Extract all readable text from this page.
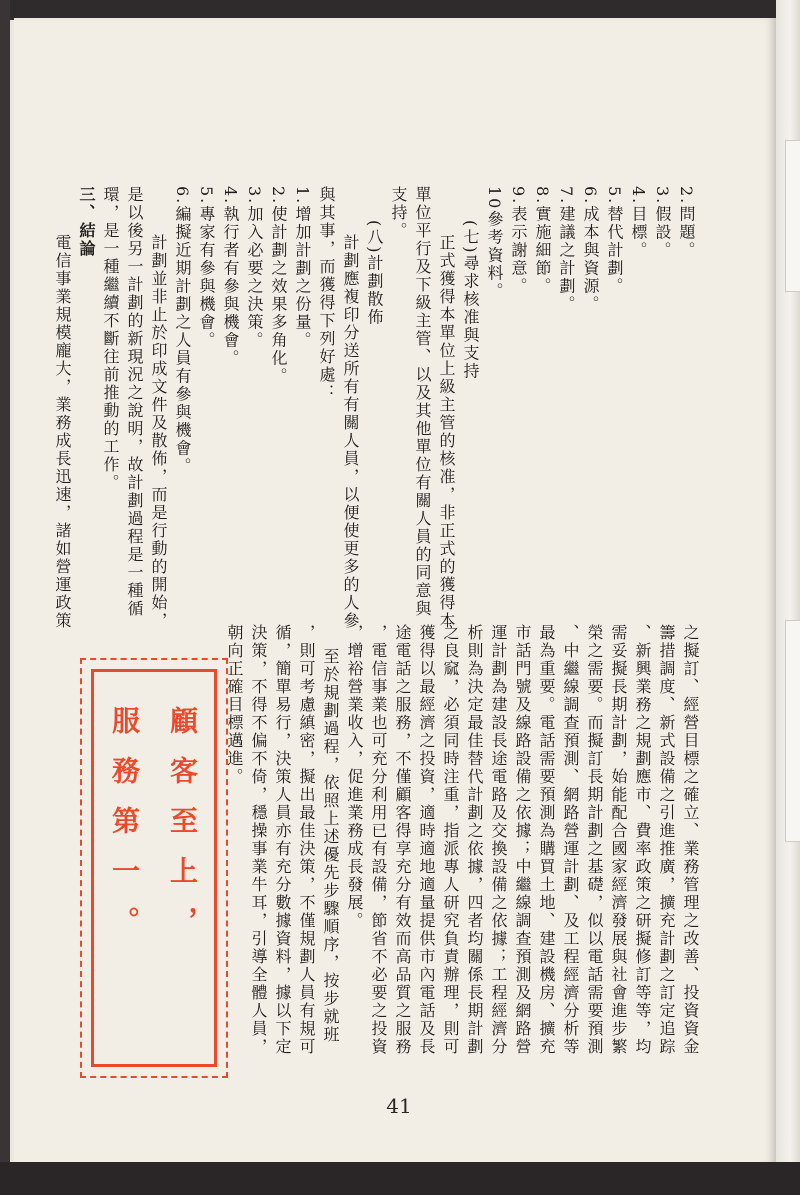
2.問題。

3.假設。

4.目標。

5.替代計劃。

6.成本與資源。

7.建議之計劃。

8.實施細節。

9.表示謝意。

10參考資料。

(七)尋求核准與支持

正式獲得本單位上級主管的核准，非正式的獲得本

單位平行及下級主管、以及其他單位有關人員的同意與

支持。

(八)計劃散佈

計劃應複印分送所有有關人員，以便使更多的人參

與其事，而獲得下列好處：

1.增加計劃之份量。

2.使計劃之效果多角化。

3.加入必要之決策。

4.執行者有參與機會。

5.專家有參與機會。

6.編擬近期計劃之人員有參與機會。

計劃並非止於印成文件及散佈，而是行動的開始，

是以後另一計劃的新現況之說明，故計劃過程是一種循

環，是一種繼續不斷往前推動的工作。

三、結論

電信事業規模龐大，業務成長迅速，諸如營運政策

之擬訂、經營目標之確立、業務管理之改善、投資資金

籌措調度、新式設備之引進推廣，擴充計劃之訂定追踪

、新興業務之規劃應市、費率政策之研擬修訂等等，均

需妥擬長期計劃，始能配合國家經濟發展與社會進步繁

榮之需要。而擬訂長期計劃之基礎，似以電話需要預測

、中繼線調查預測、網路營運計劃、及工程經濟分析等

最為重要。電話需要預測為購買土地、建設機房、擴充

市話門號及線路設備之依據；中繼線調查預測及網路營

運計劃為建設長途電路及交換設備之依據；工程經濟分

析則為決定最佳替代計劃之依據，四者均關係長期計劃

之良窳，必須同時注重，指派專人研究負責辦理，則可

獲得以最經濟之投資，適時適地適量提供市內電話及長

途電話之服務，不僅顧客得享充分有效而高品質之服務

，電信事業也可充分利用已有設備，節省不必要之投資

，增裕營業收入，促進業務成長發展。

至於規劃過程，依照上述優先步驟順序，按步就班

，則可考慮縝密，擬出最佳決策，不僅規劃人員有規可

循，簡單易行，決策人員亦有充分數據資料，據以下定

決策，不得不偏不倚，穩操事業牛耳，引導全體人員，

朝向正確目標邁進。

顧客至上，

服務第一。

41
